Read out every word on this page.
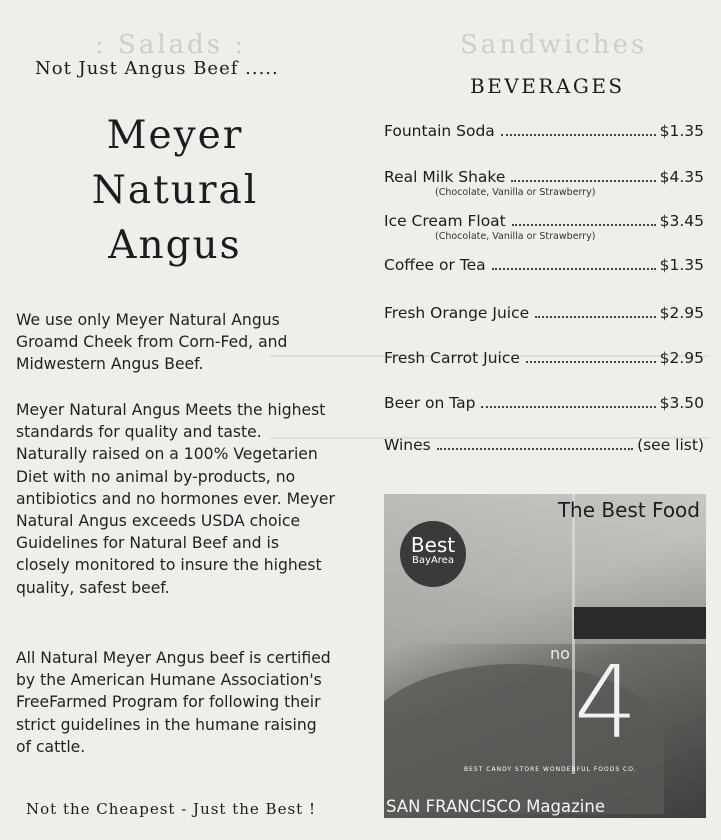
: Salads :	Sandwiches
Not Just Angus Beef .....
Meyer
Natural
Angus
We use only Meyer Natural Angus Groamd Cheek from Corn-Fed, and Midwestern Angus Beef.
Meyer Natural Angus Meets the highest standards for quality and taste. Naturally raised on a 100% Vegetarien Diet with no animal by-products, no antibiotics and no hormones ever. Meyer Natural Angus exceeds USDA choice Guidelines for Natural Beef and is closely monitored to insure the highest quality, safest beef.
All Natural Meyer Angus beef is certified by the American Humane Association's FreeFarmed Program for following their strict guidelines in the humane raising of cattle.
Not the Cheapest - Just the Best !
BEVERAGES
Fountain Soda	$1.35
Real Milk Shake	$4.35
(Chocolate, Vanilla or Strawberry)
Ice Cream Float	$3.45
(Chocolate, Vanilla or Strawberry)
Coffee or Tea	$1.35
Fresh Orange Juice	$2.95
Fresh Carrot Juice	$2.95
Beer on Tap	$3.50
Wines	(see list)
The Best Food
Best
BayArea
no 4
BEST CANDY STORE WONDERFUL FOODS CO.
SAN FRANCISCO Magazine
